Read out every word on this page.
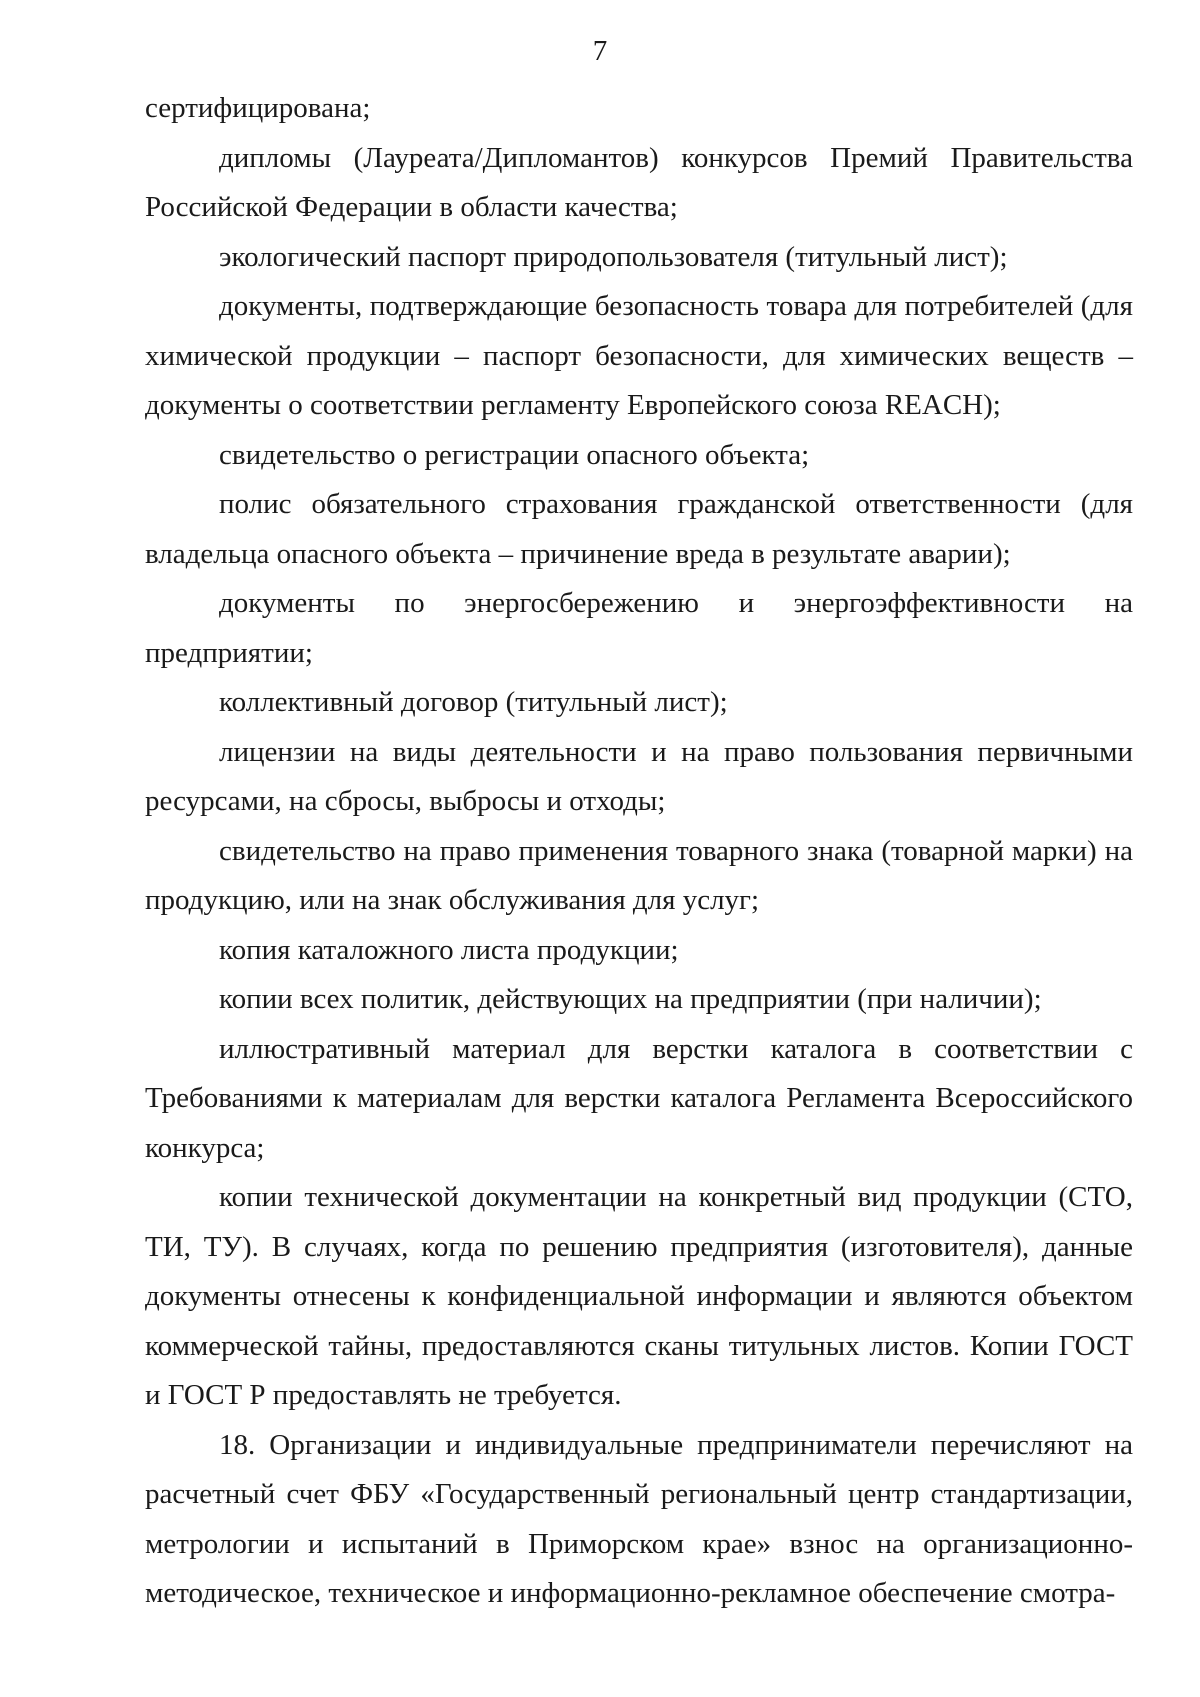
7

сертифицирована;

дипломы (Лауреата/Дипломантов) конкурсов Премий Правительства Российской Федерации в области качества;

экологический паспорт природопользователя (титульный лист);

документы, подтверждающие безопасность товара для потребителей (для химической продукции – паспорт безопасности, для химических веществ – документы о соответствии регламенту Европейского союза REACH);

свидетельство о регистрации опасного объекта;

полис обязательного страхования гражданской ответственности (для владельца опасного объекта – причинение вреда в результате аварии);

документы по энергосбережению и энергоэффективности на предприятии;

коллективный договор (титульный лист);

лицензии на виды деятельности и на право пользования первичными ресурсами, на сбросы, выбросы и отходы;

свидетельство на право применения товарного знака (товарной марки) на продукцию, или на знак обслуживания для услуг;

копия каталожного листа продукции;

копии всех политик, действующих на предприятии (при наличии);

иллюстративный материал для верстки каталога в соответствии с Требованиями к материалам для верстки каталога Регламента Всероссийского конкурса;

копии технической документации на конкретный вид продукции (СТО, ТИ, ТУ). В случаях, когда по решению предприятия (изготовителя), данные документы отнесены к конфиденциальной информации и являются объектом коммерческой тайны, предоставляются сканы титульных листов. Копии ГОСТ и ГОСТ Р предоставлять не требуется.

18. Организации и индивидуальные предприниматели перечисляют на расчетный счет ФБУ «Государственный региональный центр стандартизации, метрологии и испытаний в Приморском крае» взнос на организационно-методическое, техническое и информационно-рекламное обеспечение смотра-
